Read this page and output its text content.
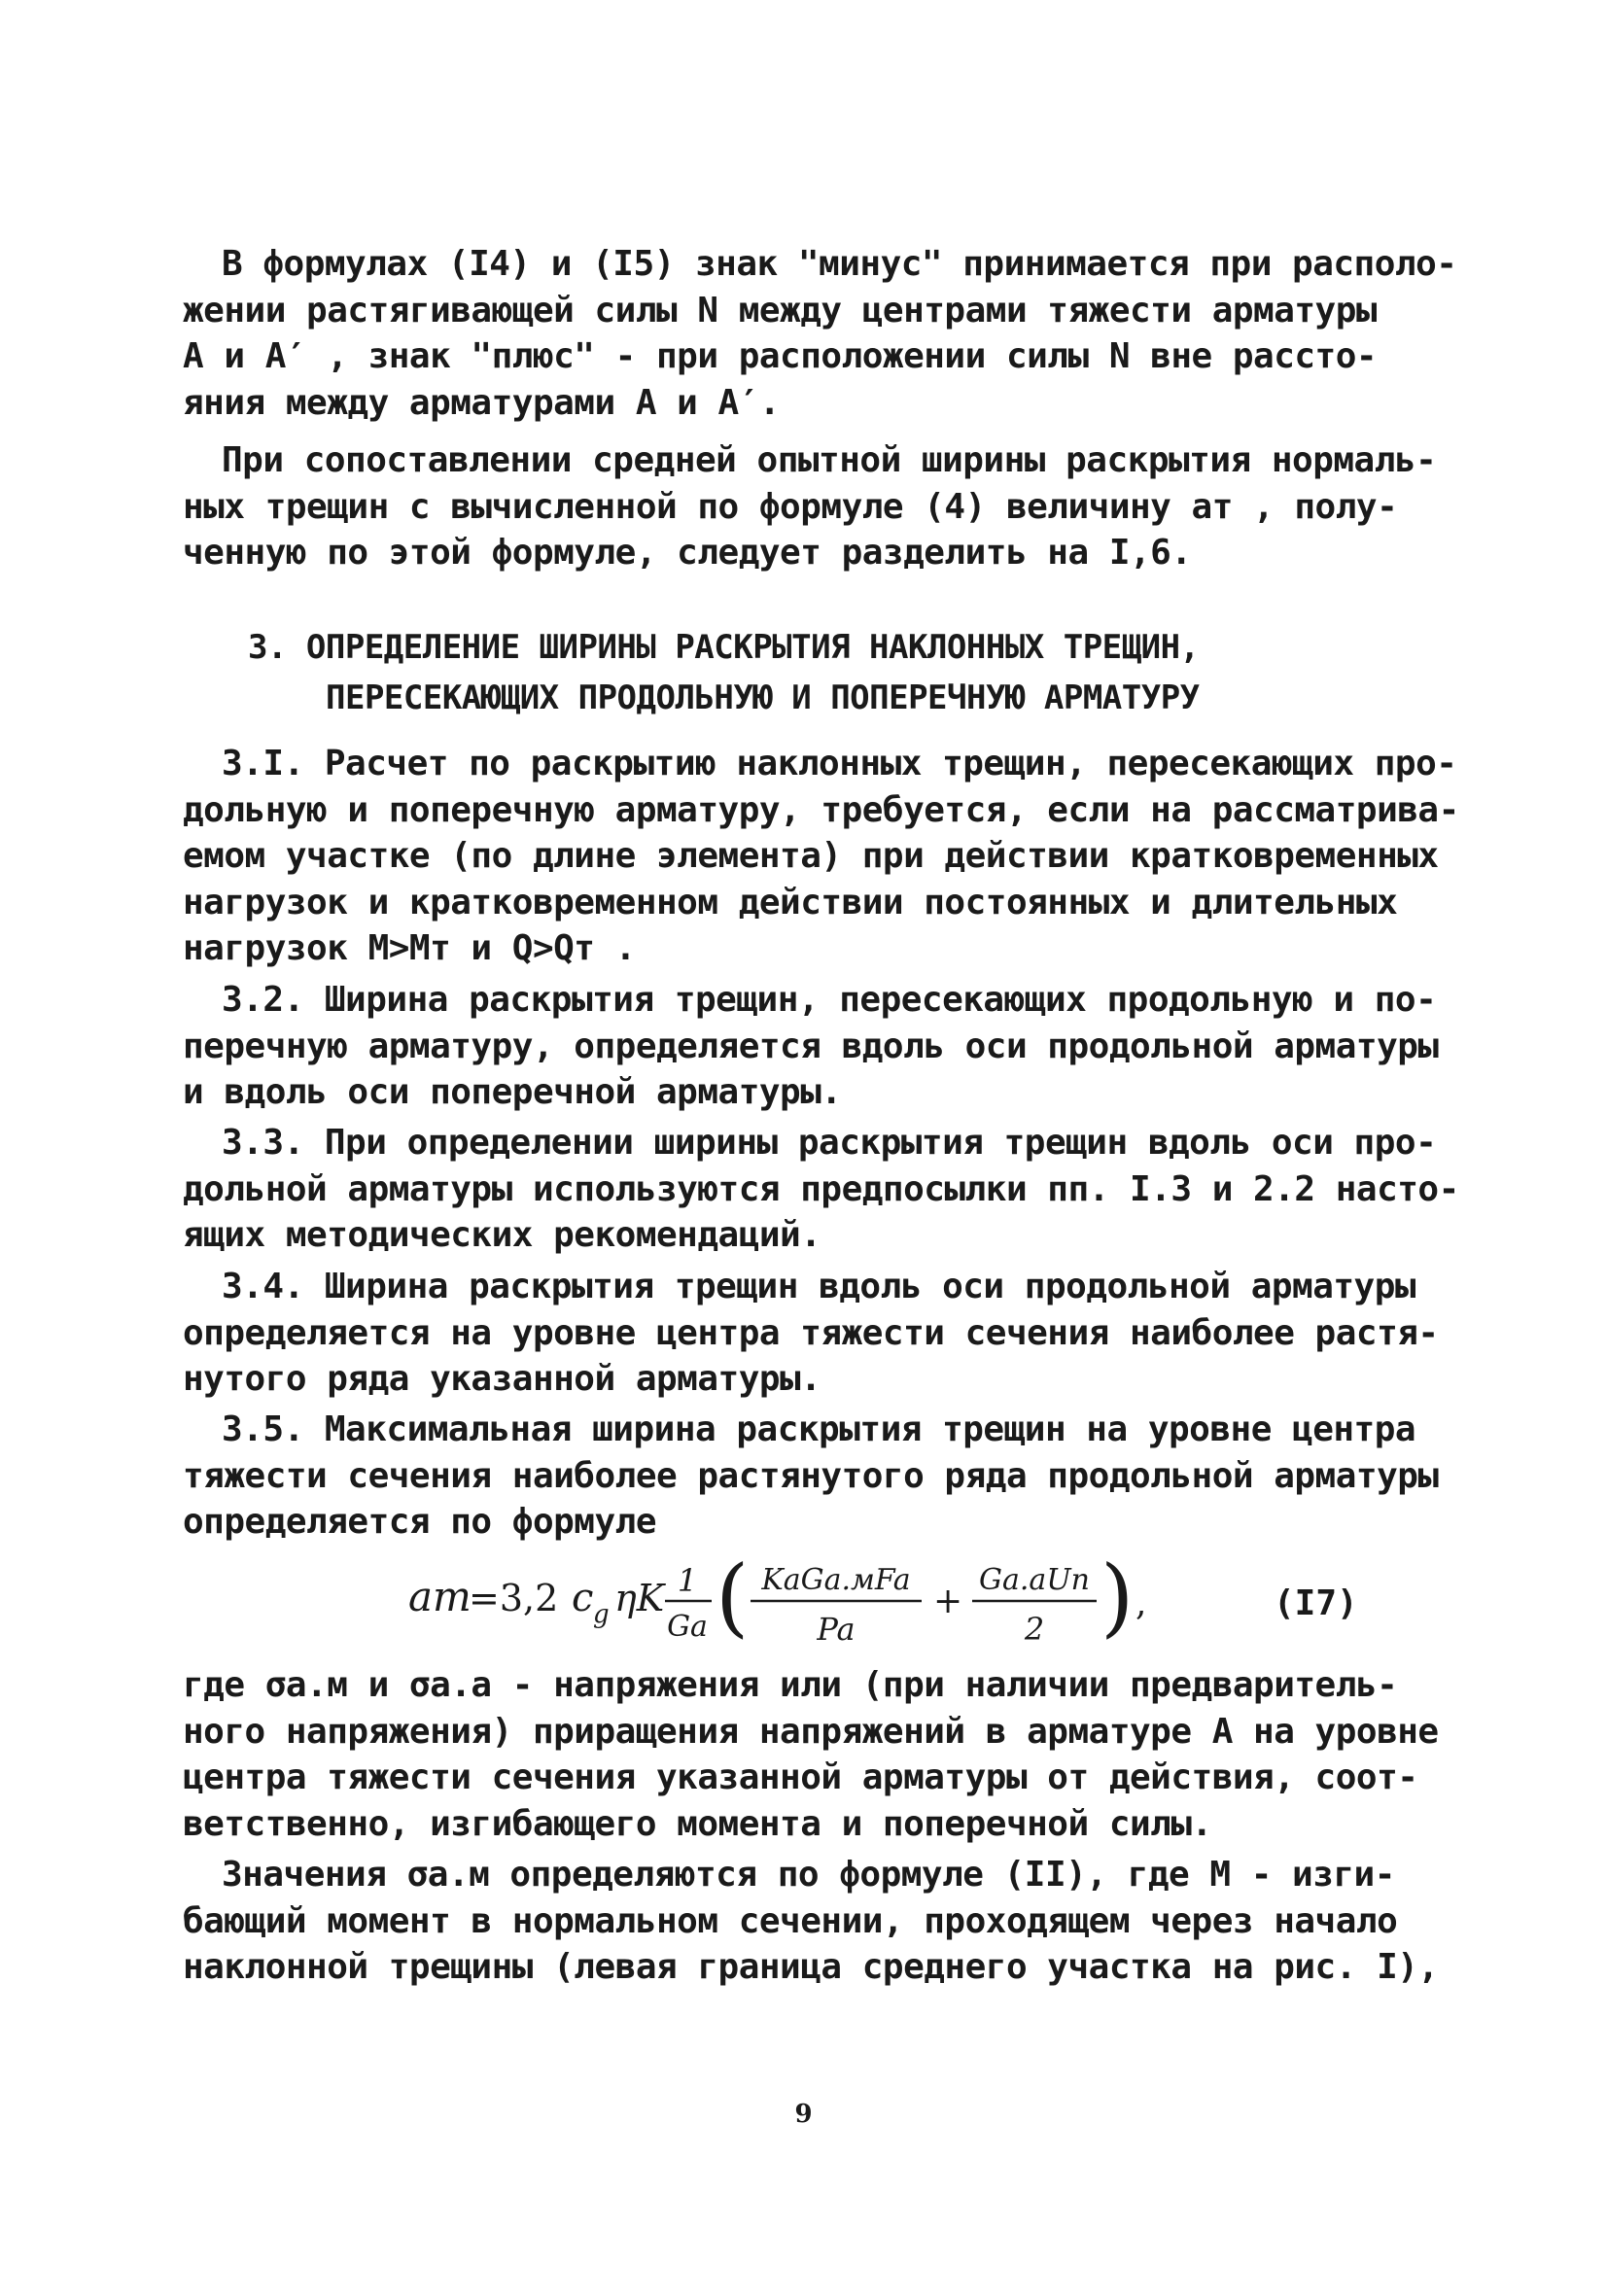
В формулах (I4) и (I5) знак "минус" принимается при располо-
жении растягивающей силы N между центрами тяжести арматуры
А и А′ , знак "плюс" - при расположении силы N вне рассто-
яния между арматурами А и А′.
При сопоставлении средней опытной ширины раскрытия нормаль-
ных трещин с вычисленной по формуле (4) величину aт , полу-
ченную по этой формуле, следует разделить на I,6.
3. ОПРЕДЕЛЕНИЕ ШИРИНЫ РАСКРЫТИЯ НАКЛОННЫХ ТРЕЩИН,
ПЕРЕСЕКАЮЩИХ ПРОДОЛЬНУЮ И ПОПЕРЕЧНУЮ АРМАТУРУ
3.I. Расчет по раскрытию наклонных трещин, пересекающих про-
дольную и поперечную арматуру, требуется, если на рассматрива-
емом участке (по длине элемента) при действии кратковременных
нагрузок и кратковременном действии постоянных и длительных
нагрузок M>Mт и Q>Qт .
3.2. Ширина раскрытия трещин, пересекающих продольную и по-
перечную арматуру, определяется вдоль оси продольной арматуры
и вдоль оси поперечной арматуры.
3.3. При определении ширины раскрытия трещин вдоль оси про-
дольной арматуры используются предпосылки пп. I.3 и 2.2 насто-
ящих методических рекомендаций.
3.4. Ширина раскрытия трещин вдоль оси продольной арматуры
определяется на уровне центра тяжести сечения наиболее растя-
нутого ряда указанной арматуры.
3.5. Максимальная ширина раскрытия трещин на уровне центра
тяжести сечения наиболее растянутого ряда продольной арматуры
определяется по формуле
aт
=3,2 c g ηK 1
Ga ( KaGa.мFa
Pa
+
Ga.aUп
2 ) ,	(I7)
где σa.м и σa.a - напряжения или (при наличии предваритель-
ного напряжения) приращения напряжений в арматуре А на уровне
центра тяжести сечения указанной арматуры от действия, соот-
ветственно, изгибающего момента и поперечной силы.
Значения σa.м определяются по формуле (II), где M - изги-
бающий момент в нормальном сечении, проходящем через начало
наклонной трещины (левая граница среднего участка на рис. I),
9
